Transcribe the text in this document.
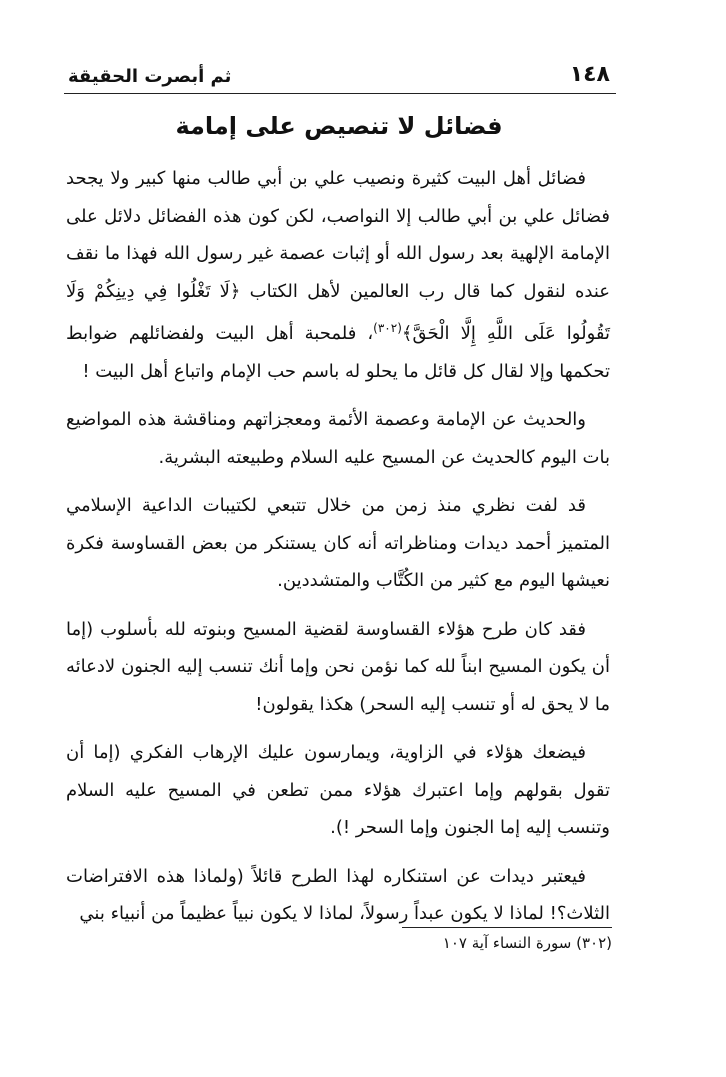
١٤٨
ثم أبصرت الحقيقة
فضائل لا تنصيص على إمامة

فضائل أهل البيت كثيرة ونصيب علي بن أبي طالب منها كبير ولا يجحد فضائل علي بن أبي طالب إلا النواصب، لكن كون هذه الفضائل دلائل على الإمامة الإلهية بعد رسول الله أو إثبات عصمة غير رسول الله فهذا ما نقف عنده لنقول كما قال رب العالمين لأهل الكتاب ﴿لَا تَغْلُوا فِي دِينِكُمْ وَلَا تَقُولُوا عَلَى اللَّهِ إِلَّا الْحَقَّ﴾$^{(٣٠٢)}$، فلمحبة أهل البيت ولفضائلهم ضوابط تحكمها وإلا لقال كل قائل ما يحلو له باسم حب الإمام واتباع أهل البيت !

والحديث عن الإمامة وعصمة الأئمة ومعجزاتهم ومناقشة هذه المواضيع بات اليوم كالحديث عن المسيح عليه السلام وطبيعته البشرية.

قد لفت نظري منذ زمن من خلال تتبعي لكتيبات الداعية الإسلامي المتميز أحمد ديدات ومناظراته أنه كان يستنكر من بعض القساوسة فكرة نعيشها اليوم مع كثير من الكُتَّاب والمتشددين.

فقد كان طرح هؤلاء القساوسة لقضية المسيح وبنوته لله بأسلوب (إما أن يكون المسيح ابناً لله كما نؤمن نحن وإما أنك تنسب إليه الجنون لادعائه ما لا يحق له أو تنسب إليه السحر) هكذا يقولون!

فيضعك هؤلاء في الزاوية، ويمارسون عليك الإرهاب الفكري (إما أن تقول بقولهم وإما اعتبرك هؤلاء ممن تطعن في المسيح عليه السلام وتنسب إليه إما الجنون وإما السحر !).

فيعتبر ديدات عن استنكاره لهذا الطرح قائلاً (ولماذا هذه الافتراضات الثلاث؟! لماذا لا يكون عبداً رسولاً، لماذا لا يكون نبياً عظيماً من أنبياء بني

(٣٠٢) سورة النساء آية ١٠٧
